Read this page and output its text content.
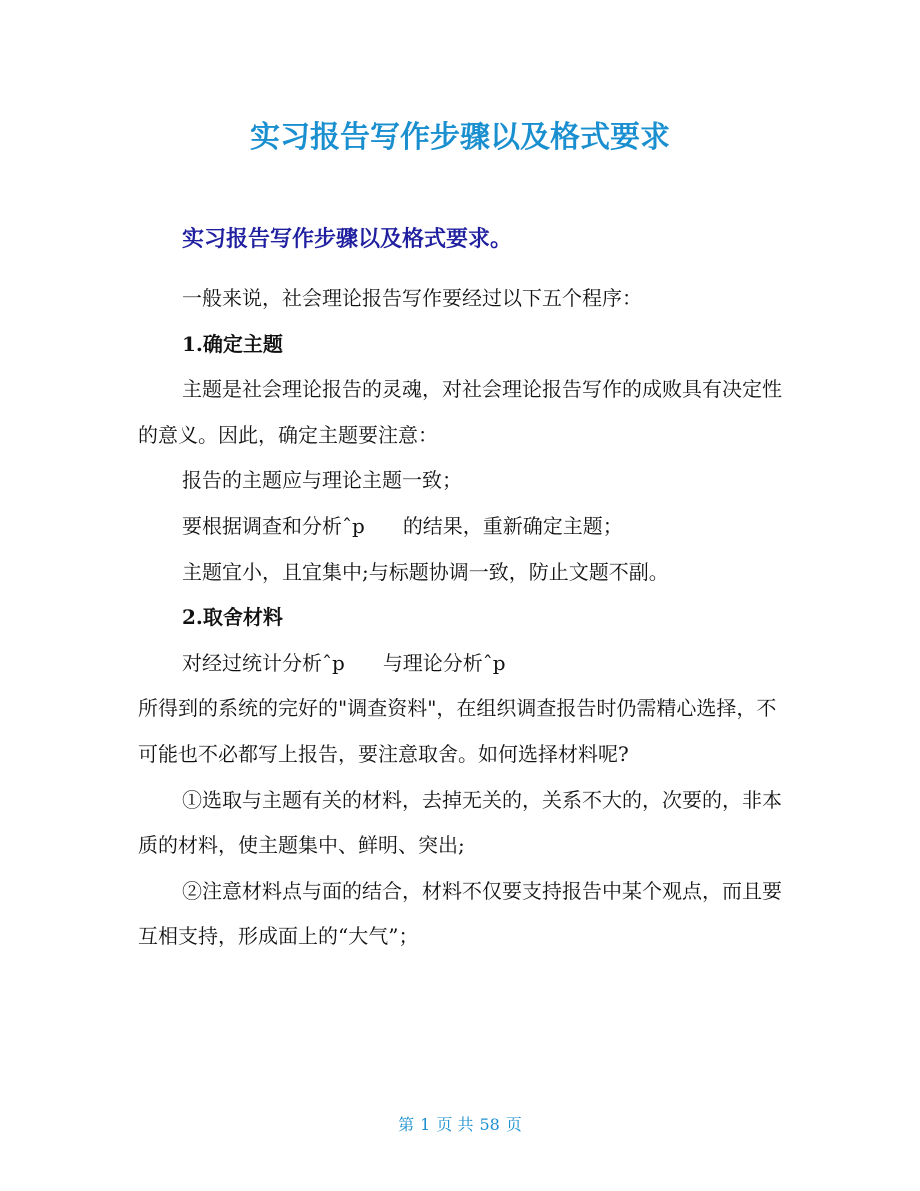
实习报告写作步骤以及格式要求
实习报告写作步骤以及格式要求。

一般来说，社会理论报告写作要经过以下五个程序：

1.确定主题

主题是社会理论报告的灵魂，对社会理论报告写作的成败具有决定性的意义。因此，确定主题要注意：

报告的主题应与理论主题一致；

要根据调查和分析ˆp 的结果，重新确定主题；

主题宜小，且宜集中;与标题协调一致，防止文题不副。

2.取舍材料

对经过统计分析ˆp 与理论分析ˆp

所得到的系统的完好的"调查资料"，在组织调查报告时仍需精心选择，不可能也不必都写上报告，要注意取舍。如何选择材料呢?

①选取与主题有关的材料，去掉无关的，关系不大的，次要的，非本质的材料，使主题集中、鲜明、突出;

②注意材料点与面的结合，材料不仅要支持报告中某个观点，而且要互相支持，形成面上的“大气”；

第 1 页 共 58 页
